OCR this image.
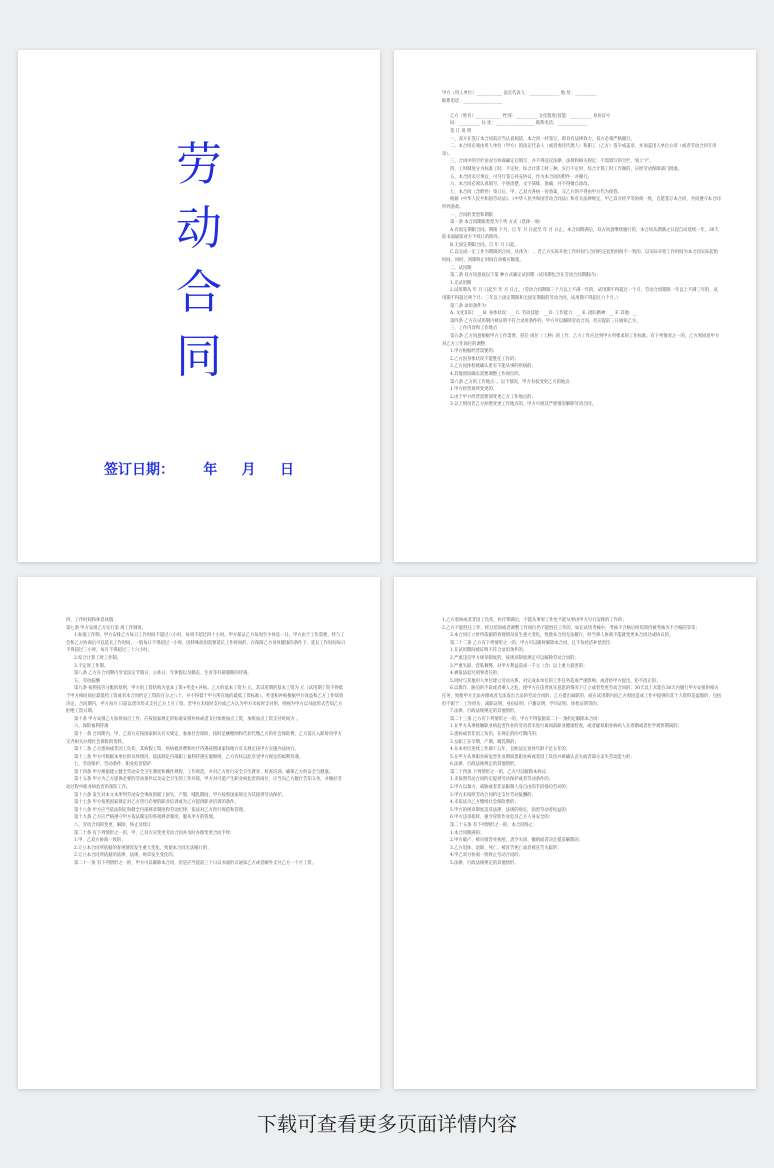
劳
动
合
同
签订日期： 年 月 日

甲方（用人单位）____________ 法定代表人：______________ 地 址：__________

联系电话：__________________

乙方（姓名）____________ 性别：__________ 文化程度/技能：__________ 身份证号

码：__________ 住 址：__________________ 联系电话：______________

签 订 说 明

一、双方在签订本合同前应当认真阅读，本合同一经签订，即具有法律效力，双方必须严格履行。

二、本合同必须由用人单位（甲方）的法定代表人（或者委托代理人）和职工（乙方）签字或盖章，并加盖用人单位公章（或者劳动合同专用章）。

三、合同中的空栏由双方协商确定后填写，并不得违反法律、法规和相关规定；不需填写的空栏，划上“/”。

四、工时制度分为标准工时、不定时、综合计算工时三种。实行不定时、综合计算工时工作制的，应经劳动保障部门批准。

五、本合同未尽事宜，可另行签订补充协议，作为本合同的附件一并履行。

六、本合同必须认真填写，字迹清楚、文字简练、准确，并不得擅自涂改。

七、本合同（含附件）签订后，甲、乙双方各执一份备案，交乙方的不得由甲方代为保管。

根据《中华人民共和国劳动法》、《中华人民共和国劳动合同法》和有关法律规定，甲乙双方经平等协商一致，自愿签订本合同，共同遵守本合同所列条款。

一、合同的类型和期限

第一条 本合同期限类型为下列 方式（选择一项）

A.有固定期限合同。期限 个月。自 年 月 日起至 年 月 日止。本合同期满后，双方同意继续履行的，本合同从期满之日起自动延续一年，30天前书面通知对方不续订的除外。

B.无固定期限合同。自 年 月 日起。

C.以完成一定工作为期限的合同，具体为： 。若乙方实际开始工作时间与合同约定起始时间不一致的，以实际开始工作时间为本合同实际起始时间，同时，到期终止时间自动相应顺延。

二、试用期

第二条 双方同意按以下第 种方式确定试用期（试用期包含在劳动合同期限内）：

1.无试用期

2.试用期从 年 月 日起至 年 月 日止。（劳动合同期限三个月以上不满一年的，试用期不得超过一个月；劳动合同期限一年以上不满三年的，试用期不得超过两个月；三年以上固定期限和无固定期限的劳动合同，试用期不得超过六个月。）

第三条 录用条件为：

A. 文化知识：__ B. 身体状况：__ C. 劳动技能：__ D. 工作能力：__ E. 团队精神：__ F. 其他：__

第四条 乙方在试用期内被证明不符合录用条件的，甲方可以解除劳动合同，但应提前三日通知乙方。

三、工作内容和工作地点

第五条 乙方同意根据甲方工作需要，担任 岗位（工种）的工作，乙方工作应达到甲方所要求的工作标准。有下列情况之一的，乙方须同意甲方对乙方工作岗位的调整：

1.甲方根据经营需要的；

2.乙方因身体状况不能胜任工作的；

3.乙方因体检被确认患有不能从事的疾病的；

4.其他原因确实需要调整工作岗位的。

第六条 乙方的工作地点：。以下情况，甲方有权变更乙方的地点：

1.甲方经营场所变更的；

2.由于甲方经营需要须变更乙方工作地点的；

3.以上情况若乙方拒绝变更工作地点的，甲方可视其严重情况解除劳动合同。

四、工作时间和休息休假

第七条 甲方安排乙方实行第 周工作制度。

1.标准工作制。甲方安排乙方每日工作时间不超过八小时，每周不超过四十小时。甲方保证乙方每周至少休息一日。甲方由于工作需要，经与工会和乙方协商后可以延长工作时间，一般每日不得超过一小时，因特殊原因需要延长工作时间的，在保障乙方身体健康的条件下，延长工作时间每日不得超过三小时，每月不得超过三十六小时。

2.综合计算工时工作制。

3.不定时工作制。

第八条 乙方在合同期内享受法定节假日、公休日、年休假以及婚丧、生育等有薪假期的待遇。

五、劳动报酬

第九条 按照按劳分配的原则，甲方的工资结构为基本工资+奖金+补贴。乙方的基本工资为 元，其试用期的基本工资为 元（试用期工资不得低于甲方相同岗位最低档工资或者本合同约定工资的百分之八十，并不得低于甲方所在地的最低工资标准）。奖金和补贴根据甲方效益和乙方工作绩效决定。合同期内，甲方每月 日前以货币形式支付乙方上月工资，若甲方未按时支付或乙方认为甲方未按时支付的，则视为甲方以书面形式告知乙方拒绝工资日期。

第十条 甲方安排乙方加班加点工作，应按国家规定的标准安排补休或者支付加班加点工资，加班加点工资支付时间为 。

六、保险福利待遇

第十一条 合同期内，甲、乙双方应按国家相关有关规定，参加社会保险，按时足额缴纳和代扣代缴乙方的社会保险费。乙方需在入职时向甲方交齐相关办理社会保险的资料。

第十二条 乙方患病或非因工负伤，其病假工资、疾病救济费和医疗待遇按照国家和地方有关规定按甲方实施办法执行。

第十三条 甲方可根据本单位的具体情况，依法制定内部职工福利待遇实施细则，乙方有权以此享受甲方规定的福利待遇。

七、劳动保护、劳动条件、职业危害防护

第十四条 甲方根据建立健全劳动安全卫生制度和操作规程、工作规范，并对乙方进行安全卫生教育、检查培训，确保乙方的安全与健康。

第十五条 甲方为乙方提供必要的劳动条件以及安全卫生的工作环境，甲方对可能产生职业病危害的岗位，应当向乙方履行告知义务，并做好劳动过程中职业病危害的预防工作。

第十六条 发生对本文本所列劳动安全事故的职工损失，产假、哺乳期间，甲方按照国家规定为其提供劳动保护。

第十七条 甲方按照国家规定对乙方进行必要的职业培训或为乙方提供职业培训的条件。

第十八条 甲方应当依法制定和健全内部规章制度和劳动纪律，依法对乙方进行规范和管理。

第十九条 乙方应严格遵守甲方依法制定的各项规章制度，服从甲方的管理。

八、劳动合同的变更、解除、终止及续订

第二十条 有下列情形之一的，甲、乙双方应变更劳动合同并及时办理变更合同手续：

1.甲、乙双方协商一致的；

2.订立本合同所依据的客观情况发生重大变化，致使本合同无法履行的；

3.订立本合同所依据的法律、法规、规章发生变化的。

第二十一条 有下列情形之一的，甲方可以解除本合同，但是应当提前三十日以书面形式通知乙方或者额外支付乙方一个月工资。

1.乙方患病或者非因工负伤，医疗期满后，不能从事原工作也不能从事由甲方另行安排的工作的；

2.乙方不能胜任工作，经过培训或者调整工作岗位仍不能胜任工作的，如在试用考核中，考核不合格后经培训仍被考核为不合格的等等；

3.本合同订立时所依据的客观情况发生重大变化，致使本合同无法履行，经当事人协商不能就变更本合同达成协议的。

第二十二条 乙方有下列情形之一的，甲方可以随时解除本合同，且不负经济补偿责任：

1.在试用期间被证明不符合录用条件的；

2.严重违反甲方规章制度的，按规章制度规定可以解除劳动合同的；

3.严重失职、营私舞弊，对甲方利益造成一千元（含）以上重大损害的；

4.被依法追究刑事责任的；

5.同时与其他用人单位建立劳动关系，对完成本单位的工作任务造成严重影响，或者经甲方提出，拒不改正的；

6.以欺诈、胁迫的手段或者乘人之危，使甲方在违背真实意思的情况下订立或者变更劳动合同的；30天以上未能在30天内履行甲方安排的相关任务，致使甲方无法办理或者无法发出合法的劳动合同的；乙方提出离职的，或在试用期内因乙方原因造成工作中提供的其个人资料是虚假的，包括但不限于：工作经历、离职证明、身份证明、户籍证明、学历证明、体检证明等的；

7.法律、行政法规规定的其他情形。

第二十三条 乙方有下列情形之一的，甲方不得依据第二十一条约定解除本合同：

1.在甲方从事接触职业病危害作业的劳动者未进行离岗前职业健康检查，或者疑似职业病病人在诊断或者医学观察期间的；

2.患病或者非因工负伤，在规定的医疗期内的；

3.女职工在孕期、产期、哺乳期的；

4.在本单位连续工作满十五年，且距法定退休年龄不足五年的；

5.在甲方从事职业病危害作业期间患职业病或者因工负伤并被确认丧失或者部分丧失劳动能力的；

6.法律、行政法规规定的其他情形。

第二十四条 下列情形之一的，乙方可以解除本协议：

1.未按照劳动合同约定提供劳动保护或者劳动条件的；

2.甲方以暴力、威胁或者非法限制人身自由的手段强迫劳动的；

3.甲方未按照劳动合同约定支付劳动报酬的；

4.未依法为乙方缴纳社会保险费的；

5.甲方的规章制度违反法律、法规的规定，损害劳动者权益的；

6.甲方违章指挥、强令冒险作业危及乙方人身安全的；

第二十五条 有下列情形之一的，本合同终止：

1.本合同期满的；

2.甲方破产、被吊销营业执照、责令关闭、撤销或者决定提前解散的；

3.乙方退休、退职、死亡、被宣告死亡或者被宣告失踪的；

4.甲乙双方协商一致终止劳动合同的；

5.法律、行政法规规定的其他情形。

下载可查看更多页面详情内容
